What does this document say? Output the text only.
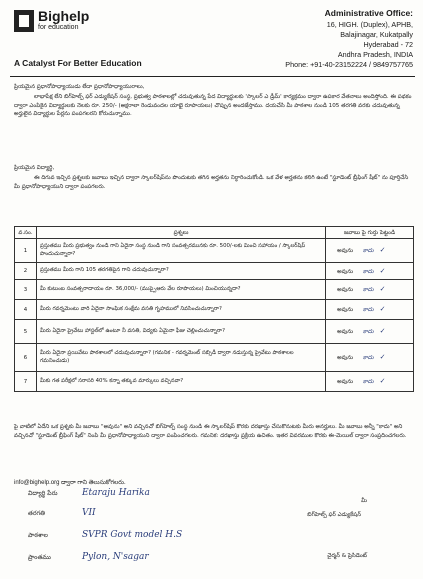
Bighelp
for education
A Catalyst For Better Education
Administrative Office:
16, HIGH. (Duplex), APHB,
Balajinagar, Kukatpally
Hyderabad - 72
Andhra Pradesh, INDIA
Phone: +91-40-23152224 / 9849757765
ప్రియమైన ప్రధానోపాధ్యాయుడు లేదా ప్రధానోపాధ్యాయురాలు,
లాభాపేక్ష లేని బిగ్‌హెల్ప్ ఫర్ ఎడ్యుకేషన్ సంస్థ, ప్రభుత్వ పాఠశాలల్లో చదువుతున్న పేద విద్యార్థులకు 'స్కాలర్ ఎ డ్రీమ్' కార్యక్రమం ద్వారా ఉపకార వేతనాలు అందిస్తోంది. ఈ పథకం ద్వారా ఎంపికైన విద్యార్థులకు నెలకు రూ. 250/- (అక్షరాలా రెండువందల యాభై రూపాయలు) చొప్పున అందజేస్తాము. దయచేసి మీ పాఠశాల నుండి 105 తరగతి వరకు చదువుతున్న అర్హులైన విద్యార్థుల పేర్లను పంపగలరని కోరుచున్నాము.
ప్రియమైన విద్యార్థి,
ఈ దిగువ ఇచ్చిన ప్రశ్నలకు జవాబు ఇచ్చిన ద్వారా స్కాలర్‌షిప్‌ను పొందుటకు తగిన అర్హతను నిర్ధారించుకోండి. ఒక వేళ అర్హతను కలిగి ఉంటే "స్టూడెంట్ బ్రీఫింగ్ షీట్" ను పూర్తిచేసి మీ ప్రధానోపాధ్యాయుని ద్వారా పంపగలరు.
వ.సం.	ప్రశ్నలు	జవాబు పై గుర్తు పెట్టండి
1	ప్రస్తుతము మీరు ప్రభుత్వం నుండి గాని ఏదైనా సంస్థ నుండి గాని సంవత్సరమునకు రూ. 500/-లకు మించి సహాయం / స్కాలర్‌షిప్ పొందుచున్నారా?	అవును కాదు ✓
2	ప్రస్తుతము మీరు గాని 105 తరగతిపైన గాని చదువుచున్నారా?	అవును కాదు ✓
3	మీ కుటుంబ సంవత్సరాదాయం రూ. 36,000/- (ముప్పైఆరు వేల రూపాయలు) మించియున్నదా?	అవును కాదు ✓
4	మీరు గవర్నమెంటు వారి ఏదైనా సాంఘిక సంక్షేమ వసతి గృహములో నివసించుచున్నారా?	అవును కాదు ✓
5	మీరు ఏదైనా ప్రైవేటు హాస్టల్‌లో ఉంటూ నీ వసతి, విద్యకు ఏమైనా ఫీజు చెల్లించుచున్నారా?	అవును కాదు ✓
6	మీరు ఏదైనా ప్రయివేటు పాఠశాలలో చదువుచున్నారా? (గమనిక - గవర్నమెంట్ సబ్సిడీ ద్వారా నడుస్తున్న ప్రైవేటు పాఠశాలల గమనించుడు)	అవును కాదు ✓
7	మీకు గత పరీక్షలో సరాసరి 40% కన్నా తక్కువ మార్కులు వచ్చినవా?	అవును కాదు ✓
పై వాటిలో ఏదేని ఒక ప్రశ్నకు మీ జవాబు "అవును" అని వచ్చినచో బిగ్‌హెల్ప్ సంస్థ నుండి ఈ స్కాలర్‌షిప్ కొరకు దరఖాస్తు చేసుకొనుటకు మీరు అనర్హులు. మీ జవాబు అన్నీ "కాదు" అని వచ్చినచో "స్టూడెంట్ బ్రీఫింగ్ షీట్" నింపి మీ ప్రధానోపాధ్యాయుని ద్వారా పంపించగలరు. గమనిక: దరఖాస్తు ప్రక్రియ ఉచితం. ఇతర వివరముల కొరకు ఈ-మెయిల్ ద్వారా సంప్రదించగలరు.
info@bighelp.org ద్వారా గాని తెలుసుకోగలరు.
విద్యార్థి పేరు	Etaraju Harika
తరగతి	VII
పాఠశాల	SVPR Govt model H.S
ప్రాంతము	Pylon, N'sagar
మీ
బిగ్‌హెల్ప్ ఫర్ ఎడ్యుకేషన్
చైర్మన్ & ప్రెసిడెంట్
